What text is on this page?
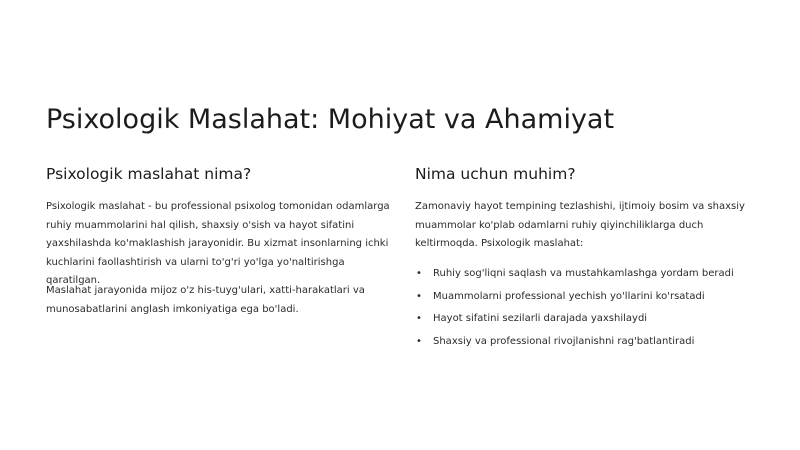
Psixologik Maslahat: Mohiyat va Ahamiyat
Psixologik maslahat nima?

Psixologik maslahat - bu professional psixolog tomonidan odamlarga ruhiy muammolarini hal qilish, shaxsiy o'sish va hayot sifatini yaxshilashda ko'maklashish jarayonidir. Bu xizmat insonlarning ichki kuchlarini faollashtirish va ularni to'g'ri yo'lga yo'naltirishga qaratilgan.

Maslahat jarayonida mijoz o'z his-tuyg'ulari, xatti-harakatlari va munosabatlarini anglash imkoniyatiga ega bo'ladi.

Nima uchun muhim?

Zamonaviy hayot tempining tezlashishi, ijtimoiy bosim va shaxsiy muammolar ko'plab odamlarni ruhiy qiyinchiliklarga duch keltirmoqda. Psixologik maslahat:

• Ruhiy sog'liqni saqlash va mustahkamlashga yordam beradi
• Muammolarni professional yechish yo'llarini ko'rsatadi
• Hayot sifatini sezilarli darajada yaxshilaydi
• Shaxsiy va professional rivojlanishni rag'batlantiradi
